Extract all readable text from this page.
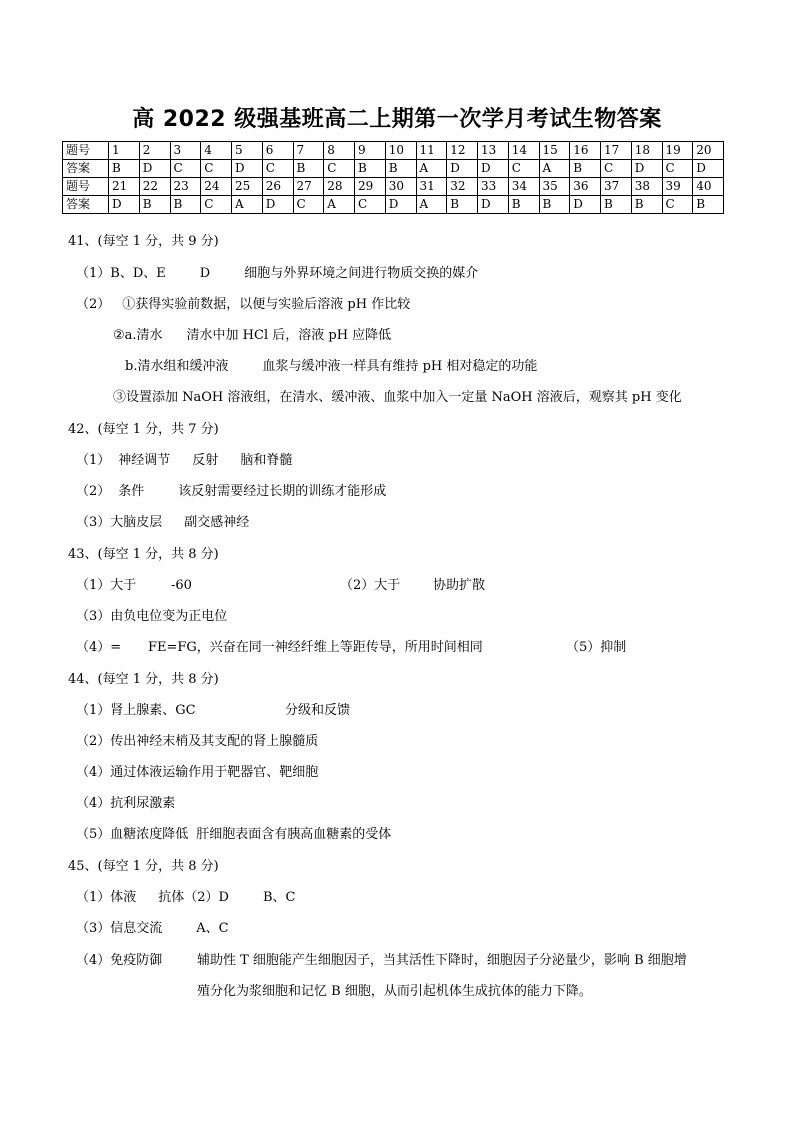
高 2022 级强基班高二上期第一次学月考试生物答案
题号	1	2	3	4	5	6	7	8	9	10	11	12	13	14	15	16	17	18	19	20
答案	B	D	C	C	D	C	B	C	B	B	A	D	D	C	A	B	C	D	C	D
题号	21	22	23	24	25	26	27	28	29	30	31	32	33	34	35	36	37	38	39	40
答案	D	B	B	C	A	D	C	A	C	D	A	B	D	B	B	D	B	B	C	B
41、(每空 1 分，共 9 分)
（1）B、D、E	D	细胞与外界环境之间进行物质交换的媒介
（2） ①获得实验前数据，以便与实验后溶液 pH 作比较
②a.清水 清水中加 HCl 后，溶液 pH 应降低
b.清水组和缓冲液	血浆与缓冲液一样具有维持 pH 相对稳定的功能
③设置添加 NaOH 溶液组，在清水、缓冲液、血浆中加入一定量 NaOH 溶液后，观察其 pH 变化
42、(每空 1 分，共 7 分)
（1） 神经调节 反射 脑和脊髓
（2） 条件	该反射需要经过长期的训练才能形成
（3）大脑皮层 副交感神经
43、(每空 1 分，共 8 分)
（1）大于	-60	（2）大于	协助扩散
（3）由负电位变为正电位
（4）= FE=FG，兴奋在同一神经纤维上等距传导，所用时间相同	（5）抑制
44、(每空 1 分，共 8 分)
（1）肾上腺素、GC	分级和反馈
（2）传出神经末梢及其支配的肾上腺髓质
（4）通过体液运输作用于靶器官、靶细胞
（4）抗利尿激素
（5）血糖浓度降低 肝细胞表面含有胰高血糖素的受体
45、(每空 1 分，共 8 分)
（1）体液 抗体（2）D	B、C
（3）信息交流	A、C
（4）免疫防御	辅助性 T 细胞能产生细胞因子，当其活性下降时，细胞因子分泌量少，影响 B 细胞增
殖分化为浆细胞和记忆 B 细胞，从而引起机体生成抗体的能力下降。
